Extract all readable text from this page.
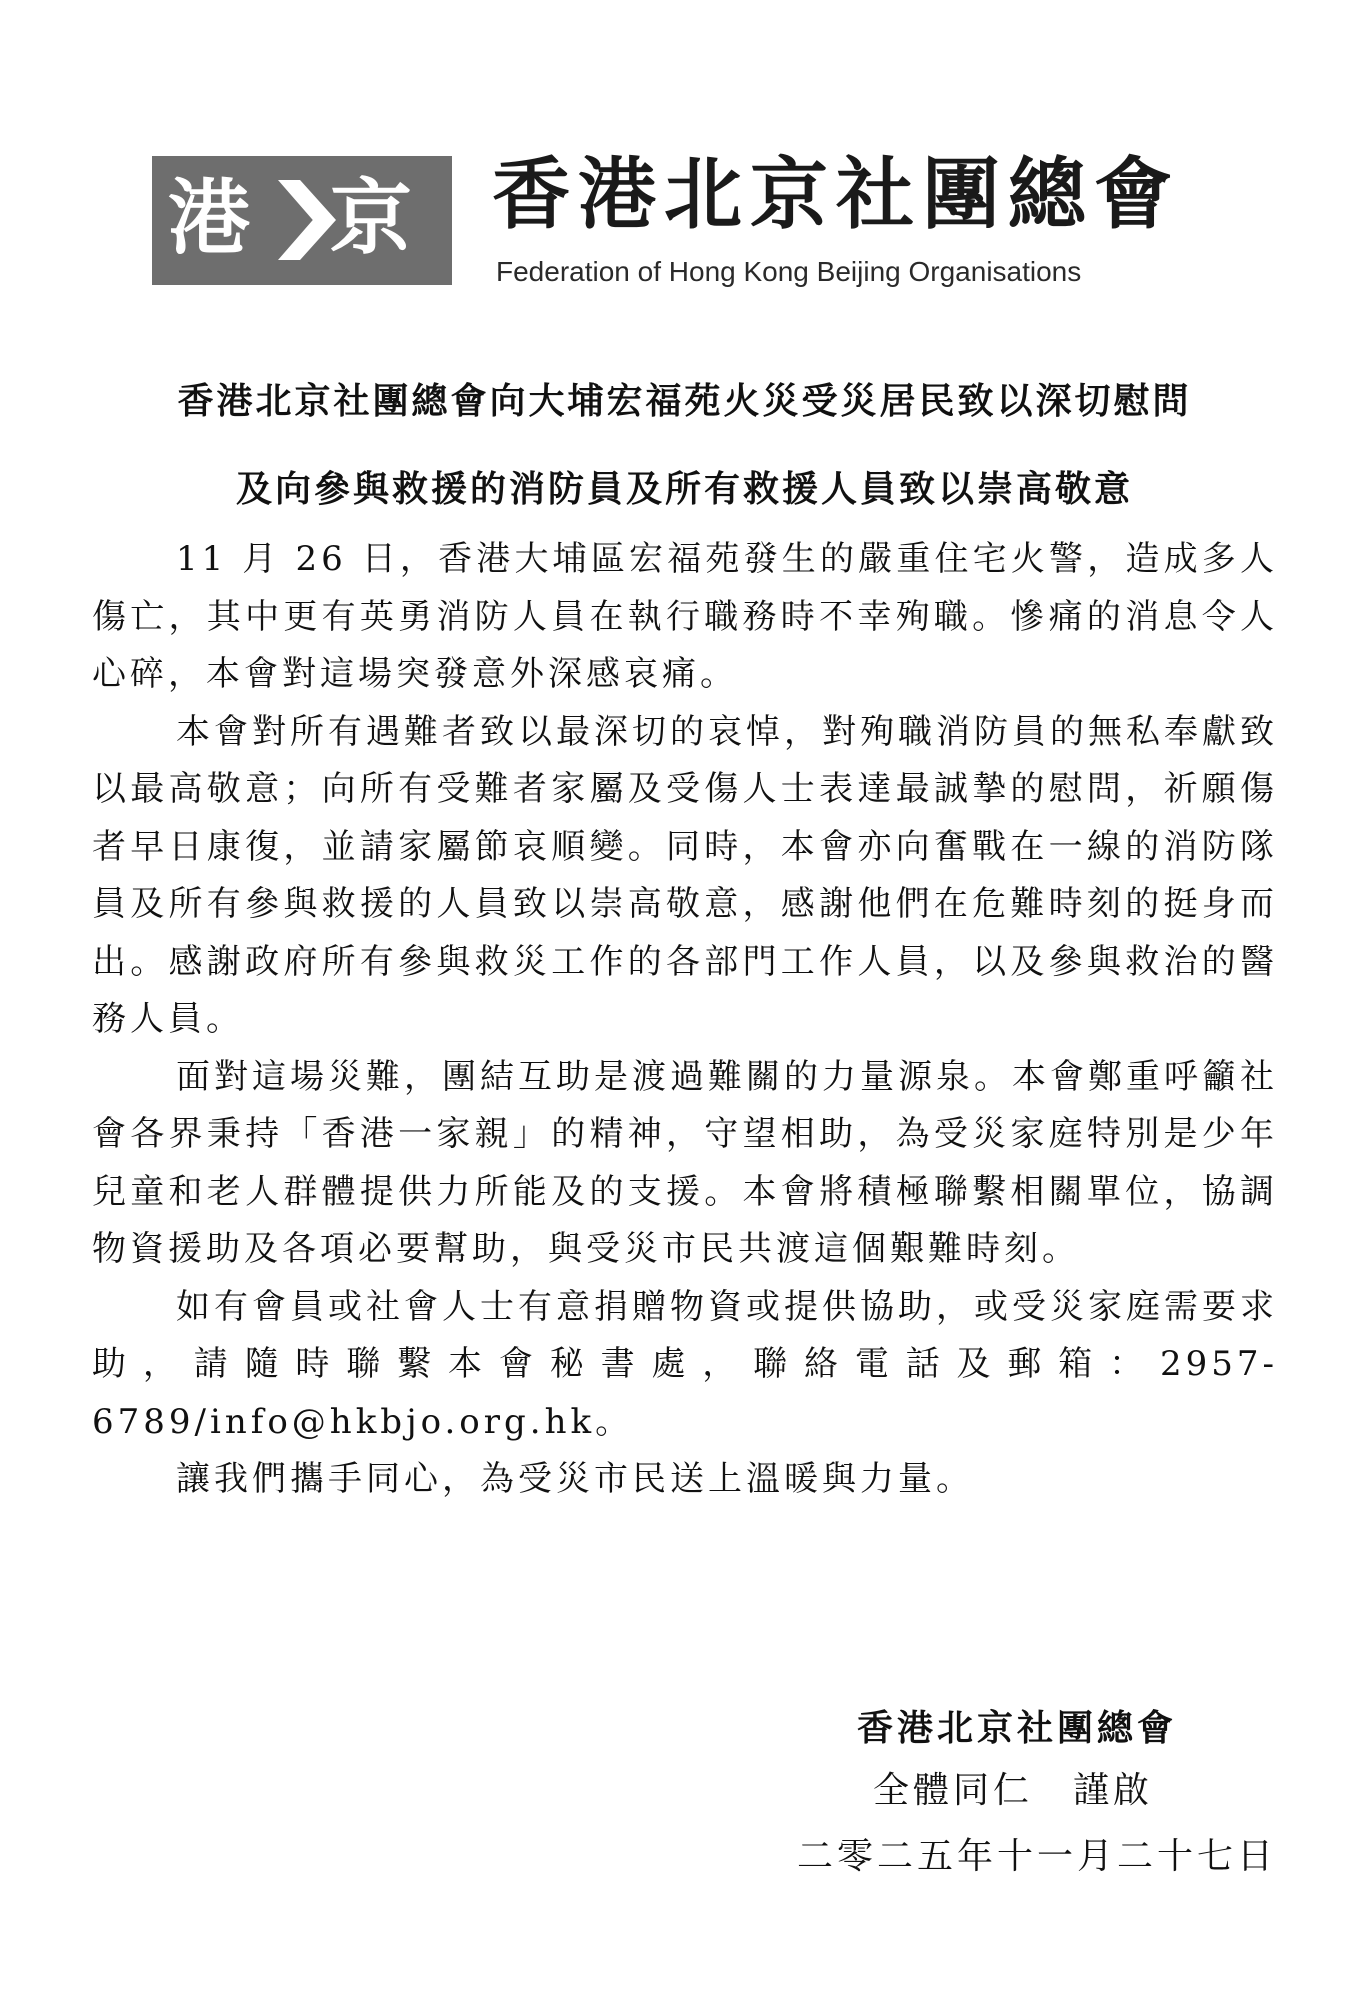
港 京 香港北京社團總會
Federation of Hong Kong Beijing Organisations
香港北京社團總會向大埔宏福苑火災受災居民致以深切慰問
及向參與救援的消防員及所有救援人員致以崇高敬意

11 月 26 日，香港大埔區宏福苑發生的嚴重住宅火警，造成多人傷亡，其中更有英勇消防人員在執行職務時不幸殉職。慘痛的消息令人心碎，本會對這場突發意外深感哀痛。

本會對所有遇難者致以最深切的哀悼，對殉職消防員的無私奉獻致以最高敬意；向所有受難者家屬及受傷人士表達最誠摯的慰問，祈願傷者早日康復，並請家屬節哀順變。同時，本會亦向奮戰在一線的消防隊員及所有參與救援的人員致以崇高敬意，感謝他們在危難時刻的挺身而出。感謝政府所有參與救災工作的各部門工作人員，以及參與救治的醫務人員。

面對這場災難，團結互助是渡過難關的力量源泉。本會鄭重呼籲社會各界秉持「香港一家親」的精神，守望相助，為受災家庭特別是少年兒童和老人群體提供力所能及的支援。本會將積極聯繫相關單位，協調物資援助及各項必要幫助，與受災市民共渡這個艱難時刻。

如有會員或社會人士有意捐贈物資或提供協助，或受災家庭需要求助，請隨時聯繫本會秘書處，聯絡電話及郵箱：2957-6789/info@hkbjo.org.hk。

讓我們攜手同心，為受災市民送上溫暖與力量。

香港北京社團總會
全體同仁　謹啟
二零二五年十一月二十七日
